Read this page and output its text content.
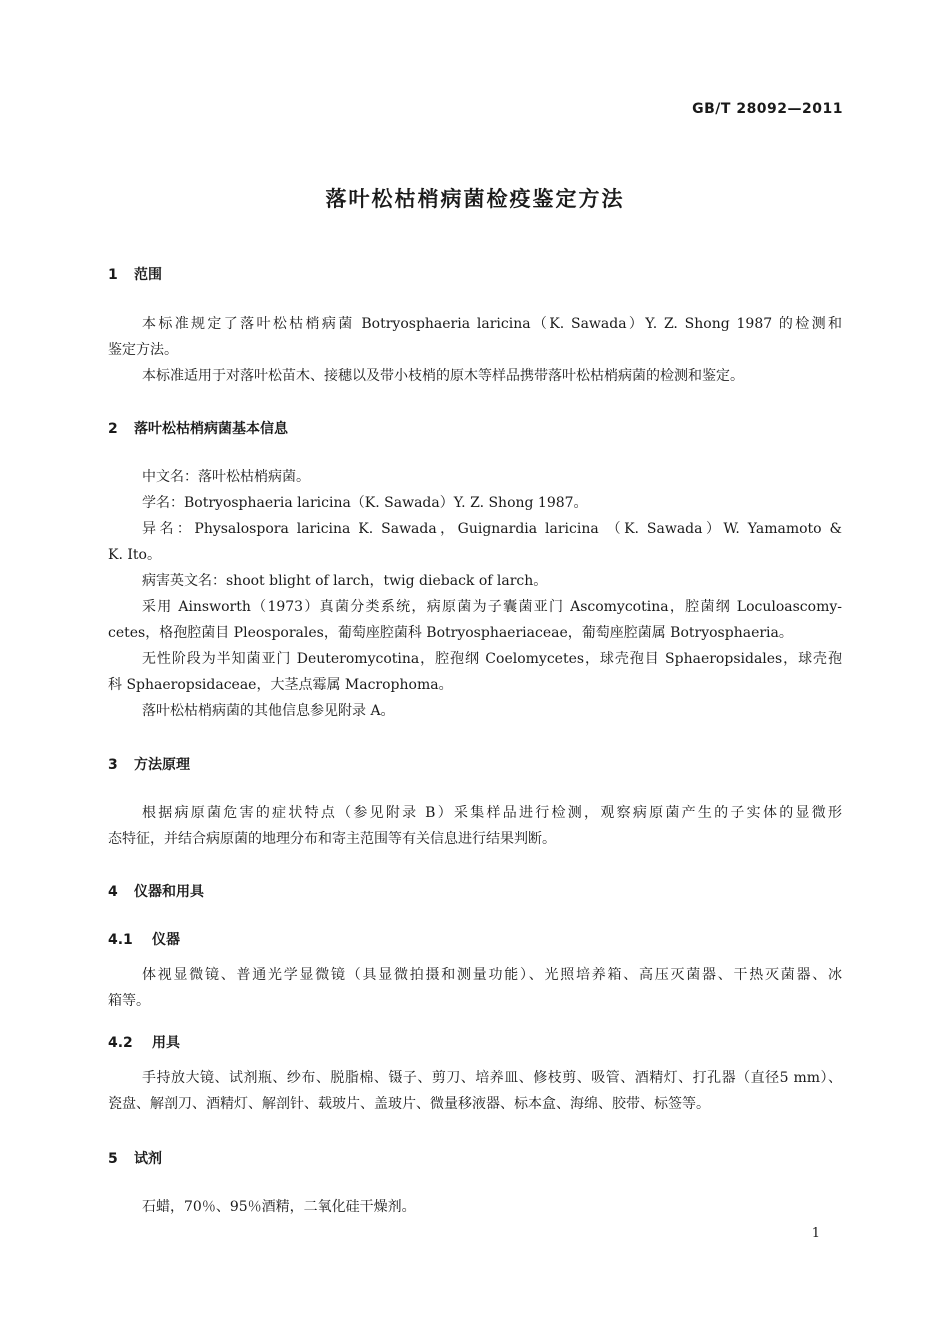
GB/T 28092—2011
落叶松枯梢病菌检疫鉴定方法
1 范围
本标准规定了落叶松枯梢病菌 Botryosphaeria laricina（K. Sawada）Y. Z. Shong 1987 的检测和
鉴定方法。
本标准适用于对落叶松苗木、接穗以及带小枝梢的原木等样品携带落叶松枯梢病菌的检测和鉴定。
2 落叶松枯梢病菌基本信息
中文名：落叶松枯梢病菌。
学名：Botryosphaeria laricina（K. Sawada）Y. Z. Shong 1987。
异名：Physalospora laricina K. Sawada，Guignardia laricina （K. Sawada）W. Yamamoto &
K. Ito。
病害英文名：shoot blight of larch，twig dieback of larch。
采用 Ainsworth（1973）真菌分类系统，病原菌为子囊菌亚门 Ascomycotina，腔菌纲 Loculoascomy-
cetes，格孢腔菌目 Pleosporales，葡萄座腔菌科 Botryosphaeriaceae，葡萄座腔菌属 Botryosphaeria。
无性阶段为半知菌亚门 Deuteromycotina，腔孢纲 Coelomycetes，球壳孢目 Sphaeropsidales，球壳孢
科 Sphaeropsidaceae，大茎点霉属 Macrophoma。
落叶松枯梢病菌的其他信息参见附录 A。
3 方法原理
根据病原菌危害的症状特点（参见附录 B）采集样品进行检测，观察病原菌产生的子实体的显微形
态特征，并结合病原菌的地理分布和寄主范围等有关信息进行结果判断。
4 仪器和用具
4.1 仪器
体视显微镜、普通光学显微镜（具显微拍摄和测量功能）、光照培养箱、高压灭菌器、干热灭菌器、冰
箱等。
4.2 用具
手持放大镜、试剂瓶、纱布、脱脂棉、镊子、剪刀、培养皿、修枝剪、吸管、酒精灯、打孔器（直径5 mm）、
瓷盘、解剖刀、酒精灯、解剖针、载玻片、盖玻片、微量移液器、标本盒、海绵、胶带、标签等。
5 试剂
石蜡，70％、95％酒精，二氧化硅干燥剂。
1
